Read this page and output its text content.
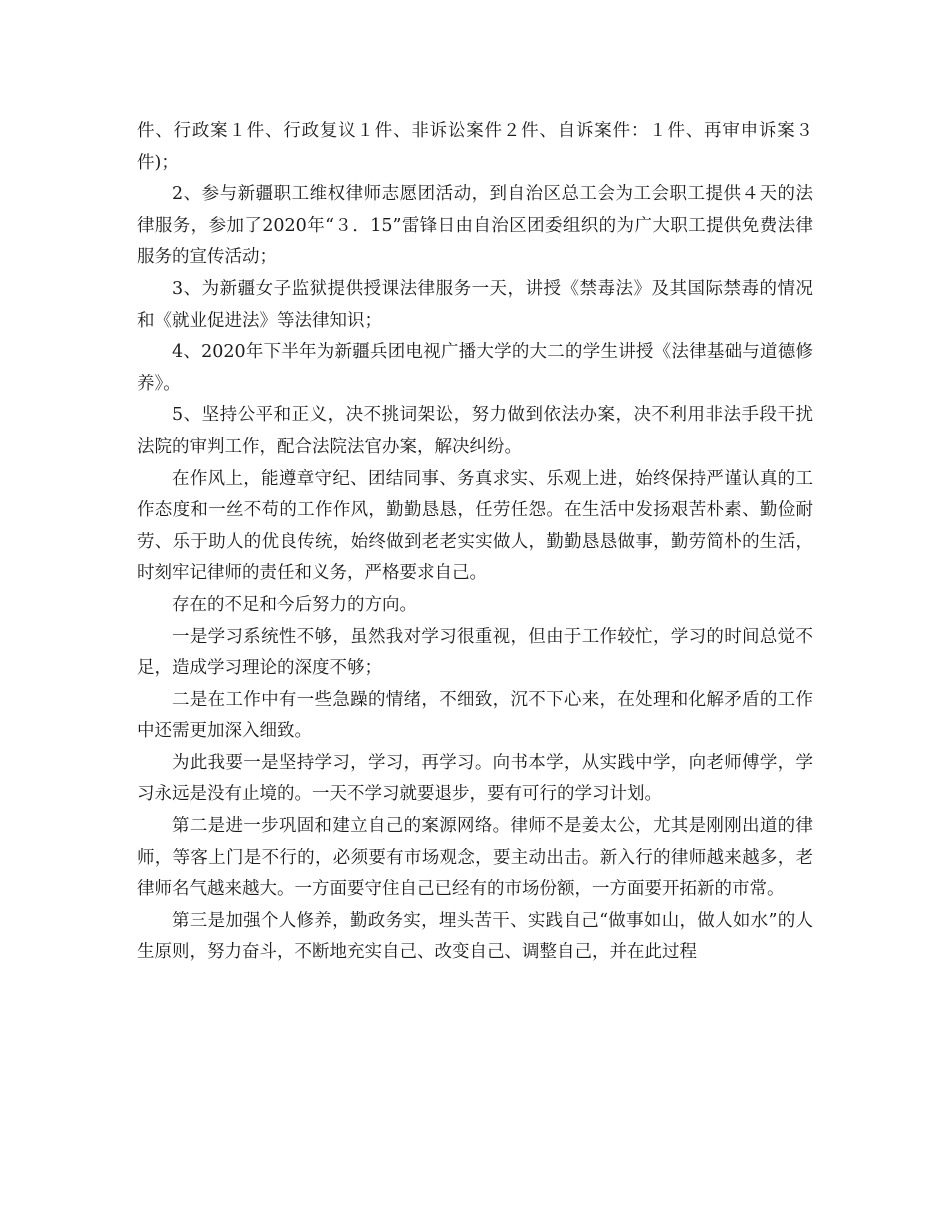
件、行政案１件、行政复议１件、非诉讼案件２件、自诉案件：１件、再审申诉案３件)；

2、参与新疆职工维权律师志愿团活动，到自治区总工会为工会职工提供４天的法律服务，参加了2020年“３．15”雷锋日由自治区团委组织的为广大职工提供免费法律服务的宣传活动；

3、为新疆女子监狱提供授课法律服务一天，讲授《禁毒法》及其国际禁毒的情况和《就业促进法》等法律知识；

4、2020年下半年为新疆兵团电视广播大学的大二的学生讲授《法律基础与道德修养》。

5、坚持公平和正义，决不挑词架讼，努力做到依法办案，决不利用非法手段干扰法院的审判工作，配合法院法官办案，解决纠纷。

在作风上，能遵章守纪、团结同事、务真求实、乐观上进，始终保持严谨认真的工作态度和一丝不苟的工作作风，勤勤恳恳，任劳任怨。在生活中发扬艰苦朴素、勤俭耐劳、乐于助人的优良传统，始终做到老老实实做人，勤勤恳恳做事，勤劳简朴的生活，时刻牢记律师的责任和义务，严格要求自己。

存在的不足和今后努力的方向。

一是学习系统性不够，虽然我对学习很重视，但由于工作较忙，学习的时间总觉不足，造成学习理论的深度不够；

二是在工作中有一些急躁的情绪，不细致，沉不下心来，在处理和化解矛盾的工作中还需更加深入细致。

为此我要一是坚持学习，学习，再学习。向书本学，从实践中学，向老师傅学，学习永远是没有止境的。一天不学习就要退步，要有可行的学习计划。

第二是进一步巩固和建立自己的案源网络。律师不是姜太公，尤其是刚刚出道的律师，等客上门是不行的，必须要有市场观念，要主动出击。新入行的律师越来越多，老律师名气越来越大。一方面要守住自己已经有的市场份额，一方面要开拓新的市常。

第三是加强个人修养，勤政务实，埋头苦干、实践自己“做事如山，做人如水”的人生原则，努力奋斗，不断地充实自己、改变自己、调整自己，并在此过程
